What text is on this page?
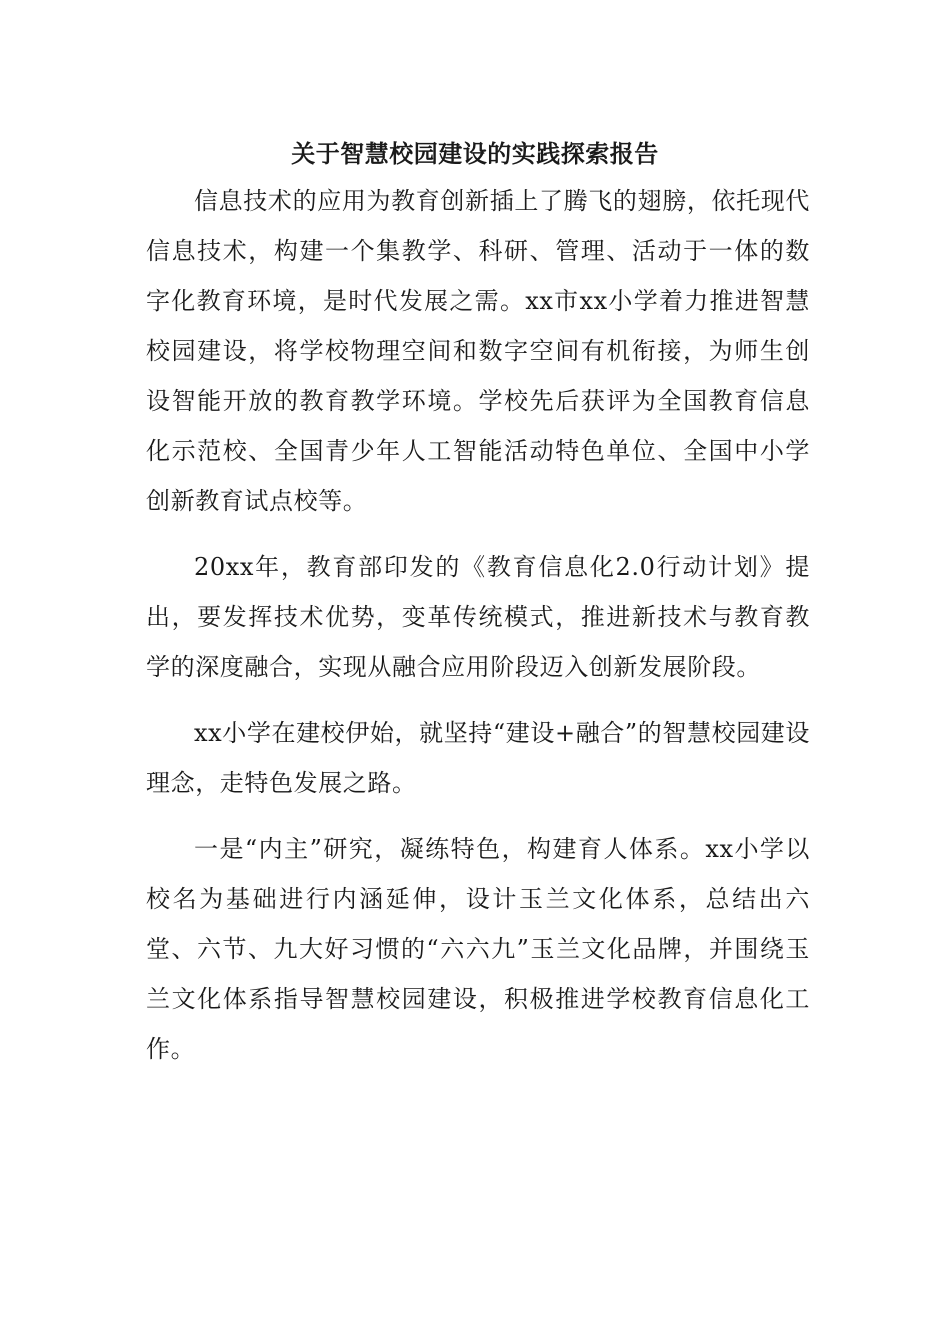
关于智慧校园建设的实践探索报告

信息技术的应用为教育创新插上了腾飞的翅膀，依托现代信息技术，构建一个集教学、科研、管理、活动于一体的数字化教育环境，是时代发展之需。xx市xx小学着力推进智慧校园建设，将学校物理空间和数字空间有机衔接，为师生创设智能开放的教育教学环境。学校先后获评为全国教育信息化示范校、全国青少年人工智能活动特色单位、全国中小学创新教育试点校等。

20xx年，教育部印发的《教育信息化2.0行动计划》提出，要发挥技术优势，变革传统模式，推进新技术与教育教学的深度融合，实现从融合应用阶段迈入创新发展阶段。

xx小学在建校伊始，就坚持“建设+融合”的智慧校园建设理念，走特色发展之路。

一是“内主”研究，凝练特色，构建育人体系。xx小学以校名为基础进行内涵延伸，设计玉兰文化体系，总结出六堂、六节、九大好习惯的“六六九”玉兰文化品牌，并围绕玉兰文化体系指导智慧校园建设，积极推进学校教育信息化工作。
